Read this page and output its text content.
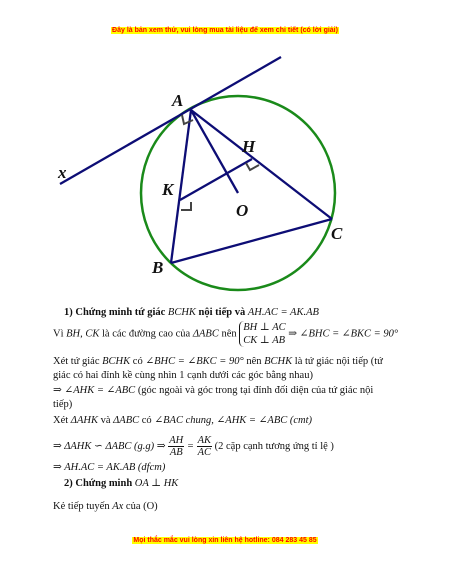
Đây là bản xem thử, vui lòng mua tài liệu để xem chi tiết (có lời giải)
A
H
K
O
C
B
x
1) Chứng minh tứ giác BCHK nội tiếp và AH.AC = AK.AB
Vì BH, CK là các đường cao của ΔABC nên
BH ⊥ AC
CK ⊥ AB
⇒ ∠BHC = ∠BKC = 90°
Xét tứ giác BCHK có ∠BHC = ∠BKC = 90° nên BCHK là tứ giác nội tiếp (tứ
giác có hai đỉnh kề cùng nhìn 1 cạnh dưới các góc bằng nhau)
⇒ ∠AHK = ∠ABC (góc ngoài và góc trong tại đỉnh đối diện của tứ giác nội
tiếp)
Xét ΔAHK và ΔABC có ∠BAC chung, ∠AHK = ∠ABC (cmt)
⇒ ΔAHK ∽ ΔABC (g.g) ⇒ $\frac{AH}{AB} = \frac{AK}{AC} (2$ cặp cạnh tương ứng tỉ lệ )
⇒ AH.AC = AK.AB (dfcm)
2) Chứng minh OA ⊥ HK
Kẻ tiếp tuyến Ax của (O)
Mọi thắc mắc vui lòng xin liên hệ hotline: 084 283 45 85
